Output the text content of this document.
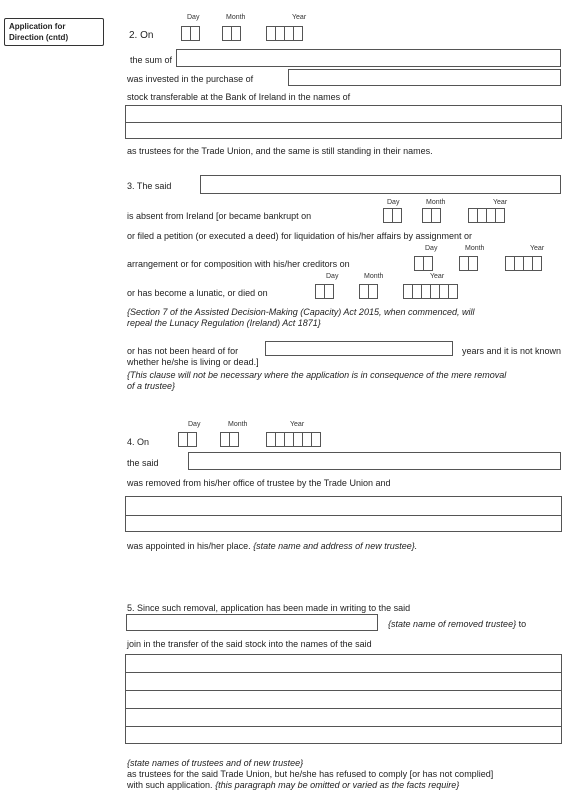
Application for
Direction (cntd)
Day	Month	Year
2. On
the sum of
was invested in the purchase of
stock transferable at the Bank of Ireland in the names of
as trustees for the Trade Union, and the same is still standing in their names.
3. The said
Day	Month	Year
is absent from Ireland [or became bankrupt on
or filed a petition (or executed a deed) for liquidation of his/her affairs by assignment or
Day	Month	Year
arrangement or for composition with his/her creditors on
Day	Month	Year
or has become a lunatic, or died on
{Section 7 of the Assisted Decision-Making (Capacity) Act 2015, when commenced, will
repeal the Lunacy Regulation (Ireland) Act 1871}
or has not been heard of for	years and it is not known
whether he/she is living or dead.]
{This clause will not be necessary where the application is in consequence of the mere removal
of a trustee}
Day	Month	Year
4. On
the said
was removed from his/her office of trustee by the Trade Union and
was appointed in his/her place. {state name and address of new trustee}.
5. Since such removal, application has been made in writing to the said
{state name of removed trustee} to
join in the transfer of the said stock into the names of the said
{state names of trustees and of new trustee}
as trustees for the said Trade Union, but he/she has refused to comply [or has not complied]
with such application. {this paragraph may be omitted or varied as the facts require}
